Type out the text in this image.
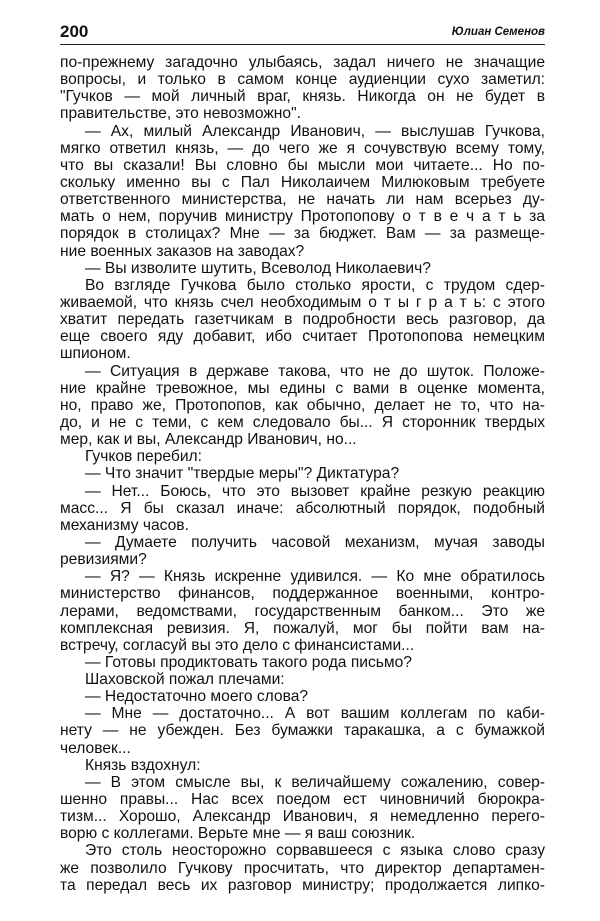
200	Юлиан Семенов
по-прежнему загадочно улыбаясь, задал ничего не значащие
вопросы, и только в самом конце аудиенции сухо заметил:
"Гучков — мой личный враг, князь. Никогда он не будет в
правительстве, это невозможно".
— Ах, милый Александр Иванович, — выслушав Гучкова,
мягко ответил князь, — до чего же я сочувствую всему тому,
что вы сказали! Вы словно бы мысли мои читаете... Но по-
скольку именно вы с Пал Николаичем Милюковым требуете
ответственного министерства, не начать ли нам всерьез ду-
мать о нем, поручив министру Протопопову о т в е ч а т ь за
порядок в столицах? Мне — за бюджет. Вам — за размеще-
ние военных заказов на заводах?
— Вы изволите шутить, Всеволод Николаевич?
Во взгляде Гучкова было столько ярости, с трудом сдер-
живаемой, что князь счел необходимым о т ы г р а т ь: с этого
хватит передать газетчикам в подробности весь разговор, да
еще своего яду добавит, ибо считает Протопопова немецким
шпионом.
— Ситуация в державе такова, что не до шуток. Положе-
ние крайне тревожное, мы едины с вами в оценке момента,
но, право же, Протопопов, как обычно, делает не то, что на-
до, и не с теми, с кем следовало бы... Я сторонник твердых
мер, как и вы, Александр Иванович, но...
Гучков перебил:
— Что значит "твердые меры"? Диктатура?
— Нет... Боюсь, что это вызовет крайне резкую реакцию
масс... Я бы сказал иначе: абсолютный порядок, подобный
механизму часов.
— Думаете получить часовой механизм, мучая заводы
ревизиями?
— Я? — Князь искренне удивился. — Ко мне обратилось
министерство финансов, поддержанное военными, контро-
лерами, ведомствами, государственным банком... Это же
комплексная ревизия. Я, пожалуй, мог бы пойти вам на-
встречу, согласуй вы это дело с финансистами...
— Готовы продиктовать такого рода письмо?
Шаховской пожал плечами:
— Недостаточно моего слова?
— Мне — достаточно... А вот вашим коллегам по каби-
нету — не убежден. Без бумажки таракашка, а с бумажкой
человек...
Князь вздохнул:
— В этом смысле вы, к величайшему сожалению, совер-
шенно правы... Нас всех поедом ест чиновничий бюрокра-
тизм... Хорошо, Александр Иванович, я немедленно перего-
ворю с коллегами. Верьте мне — я ваш союзник.
Это столь неосторожно сорвавшееся с языка слово сразу
же позволило Гучкову просчитать, что директор департамен-
та передал весь их разговор министру; продолжается липко-
